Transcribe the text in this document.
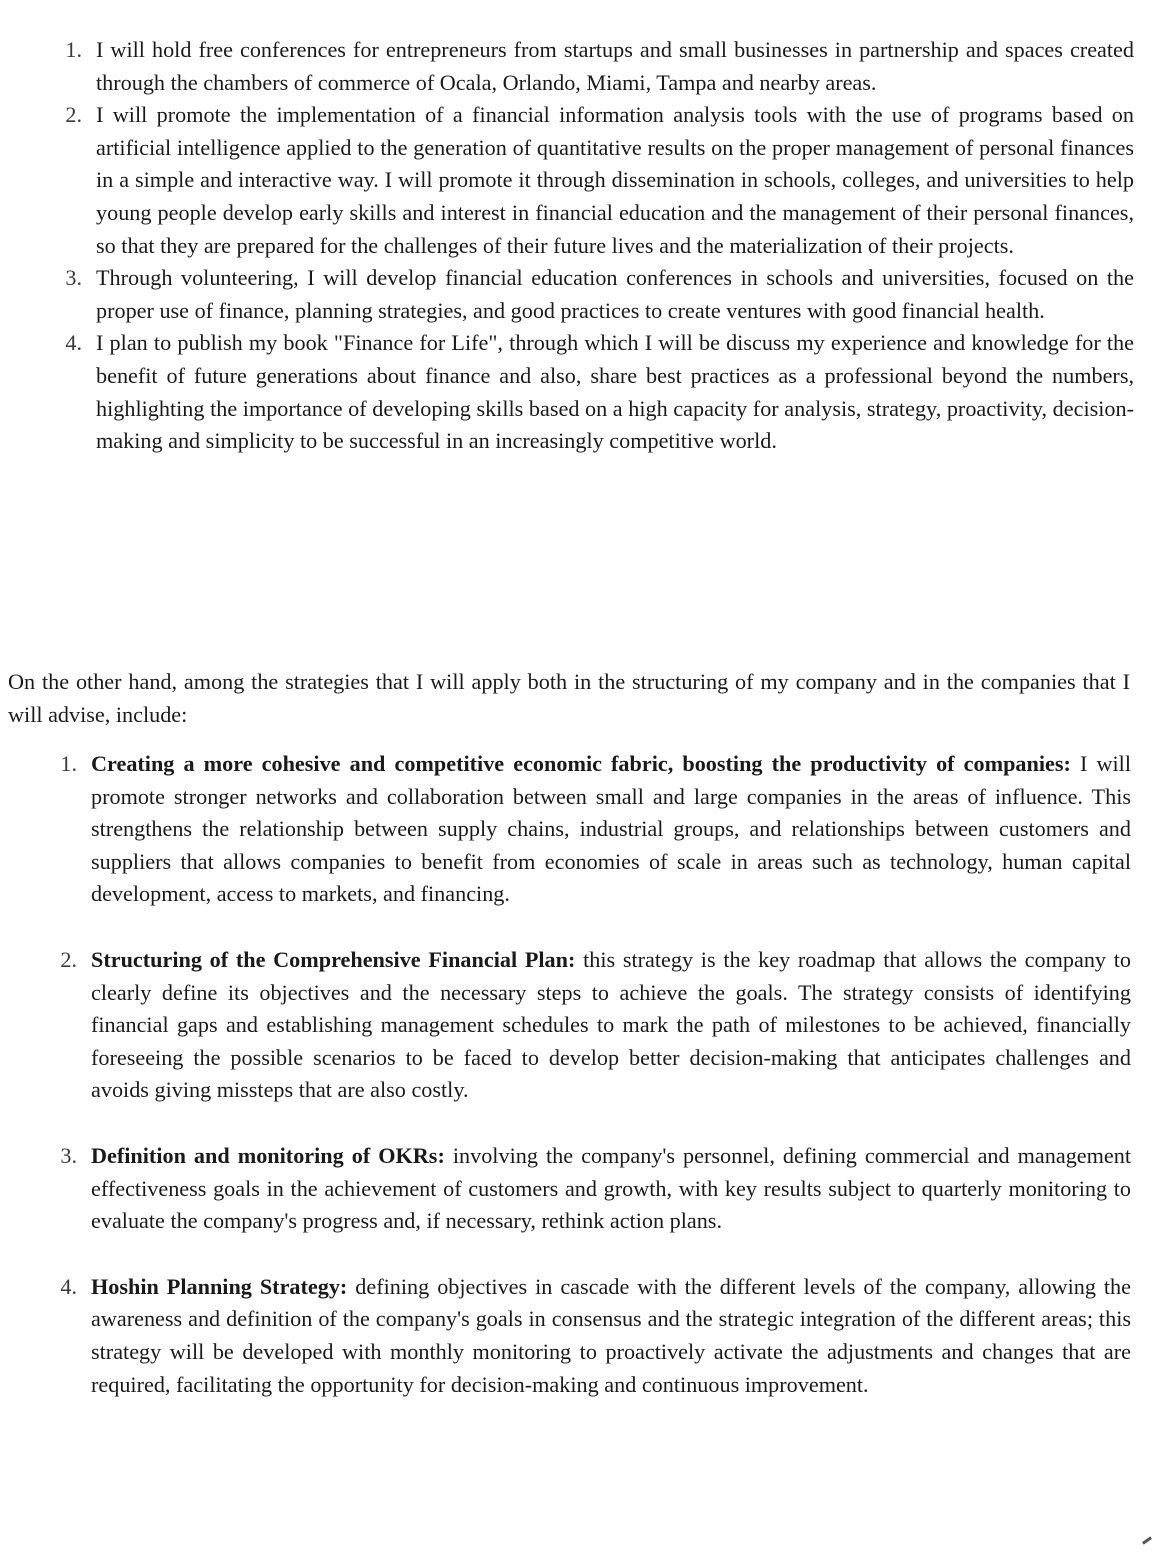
1. I will hold free conferences for entrepreneurs from startups and small businesses in partnership and spaces created through the chambers of commerce of Ocala, Orlando, Miami, Tampa and nearby areas.
2. I will promote the implementation of a financial information analysis tools with the use of programs based on artificial intelligence applied to the generation of quantitative results on the proper management of personal finances in a simple and interactive way. I will promote it through dissemination in schools, colleges, and universities to help young people develop early skills and interest in financial education and the management of their personal finances, so that they are prepared for the challenges of their future lives and the materialization of their projects.
3. Through volunteering, I will develop financial education conferences in schools and universities, focused on the proper use of finance, planning strategies, and good practices to create ventures with good financial health.
4. I plan to publish my book "Finance for Life", through which I will be discuss my experience and knowledge for the benefit of future generations about finance and also, share best practices as a professional beyond the numbers, highlighting the importance of developing skills based on a high capacity for analysis, strategy, proactivity, decision-making and simplicity to be successful in an increasingly competitive world.

On the other hand, among the strategies that I will apply both in the structuring of my company and in the companies that I will advise, include:

1. Creating a more cohesive and competitive economic fabric, boosting the productivity of companies: I will promote stronger networks and collaboration between small and large companies in the areas of influence. This strengthens the relationship between supply chains, industrial groups, and relationships between customers and suppliers that allows companies to benefit from economies of scale in areas such as technology, human capital development, access to markets, and financing.
2. Structuring of the Comprehensive Financial Plan: this strategy is the key roadmap that allows the company to clearly define its objectives and the necessary steps to achieve the goals. The strategy consists of identifying financial gaps and establishing management schedules to mark the path of milestones to be achieved, financially foreseeing the possible scenarios to be faced to develop better decision-making that anticipates challenges and avoids giving missteps that are also costly.
3. Definition and monitoring of OKRs: involving the company's personnel, defining commercial and management effectiveness goals in the achievement of customers and growth, with key results subject to quarterly monitoring to evaluate the company's progress and, if necessary, rethink action plans.
4. Hoshin Planning Strategy: defining objectives in cascade with the different levels of the company, allowing the awareness and definition of the company's goals in consensus and the strategic integration of the different areas; this strategy will be developed with monthly monitoring to proactively activate the adjustments and changes that are required, facilitating the opportunity for decision-making and continuous improvement.
